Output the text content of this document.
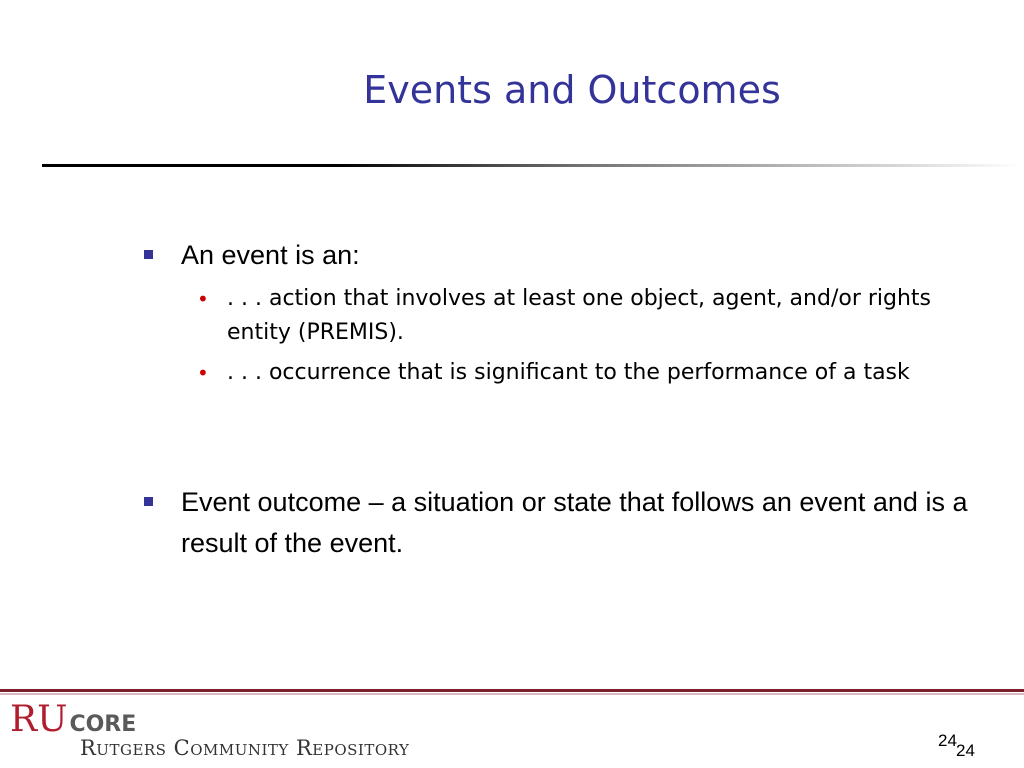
Events and Outcomes
An event is an:
• . . . action that involves at least one object, agent, and/or rights entity (PREMIS).
• . . . occurrence that is significant to the performance of a task
Event outcome – a situation or state that follows an event and is a result of the event.
RUCORE
Rutgers Community Repository	24
24
